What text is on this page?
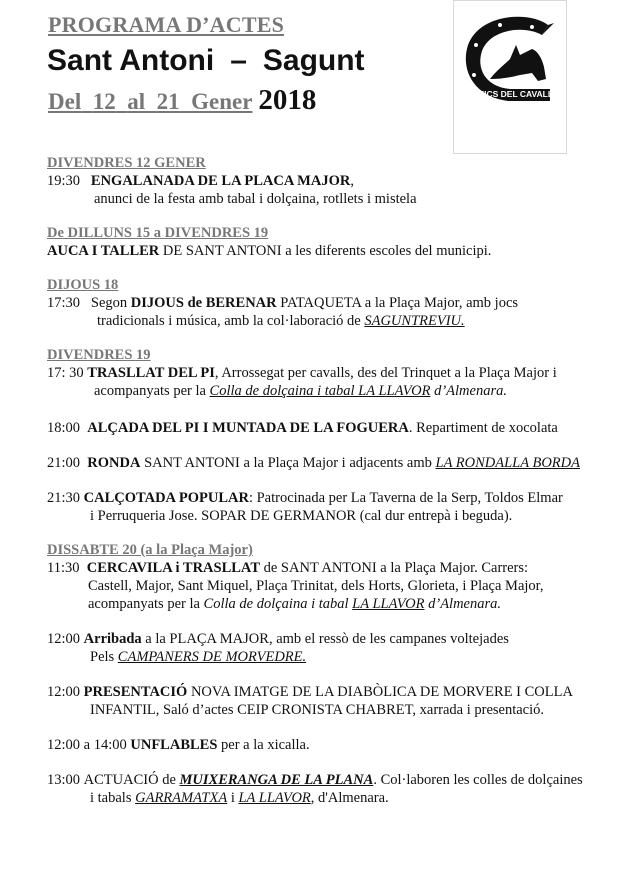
PROGRAMA D’ACTES
Sant Antoni – Sagunt
Del 12 al 21 Gener 2018	AMICS DEL CAVALL
DIVENDRES 12 GENER
19:30 ENGALANADA DE LA PLACA MAJOR,
anunci de la festa amb tabal i dolçaina, rotllets i mistela
De DILLUNS 15 a DIVENDRES 19
AUCA I TALLER DE SANT ANTONI a les diferents escoles del municipi.
DIJOUS 18
17:30 Segon DIJOUS de BERENAR PATAQUETA a la Plaça Major, amb jocs
tradicionals i música, amb la col·laboració de SAGUNTREVIU.
DIVENDRES 19
17: 30 TRASLLAT DEL PI, Arrossegat per cavalls, des del Trinquet a la Plaça Major i
acompanyats per la Colla de dolçaina i tabal LA LLAVOR d’Almenara.
18:00 ALÇADA DEL PI I MUNTADA DE LA FOGUERA. Repartiment de xocolata
21:00 RONDA SANT ANTONI a la Plaça Major i adjacents amb LA RONDALLA BORDA
21:30 CALÇOTADA POPULAR: Patrocinada per La Taverna de la Serp, Toldos Elmar
i Perruqueria Jose. SOPAR DE GERMANOR (cal dur entrepà i beguda).
DISSABTE 20 (a la Plaça Major)
11:30 CERCAVILA i TRASLLAT de SANT ANTONI a la Plaça Major. Carrers:
Castell, Major, Sant Miquel, Plaça Trinitat, dels Horts, Glorieta, i Plaça Major,
acompanyats per la Colla de dolçaina i tabal LA LLAVOR d’Almenara.
12:00 Arribada a la PLAÇA MAJOR, amb el ressò de les campanes voltejades
Pels CAMPANERS DE MORVEDRE.
12:00 PRESENTACIÓ NOVA IMATGE DE LA DIABÒLICA DE MORVERE I COLLA
INFANTIL, Saló d’actes CEIP CRONISTA CHABRET, xarrada i presentació.
12:00 a 14:00 UNFLABLES per a la xicalla.
13:00 ACTUACIÓ de MUIXERANGA DE LA PLANA. Col·laboren les colles de dolçaines
i tabals GARRAMATXA i LA LLAVOR, d'Almenara.
